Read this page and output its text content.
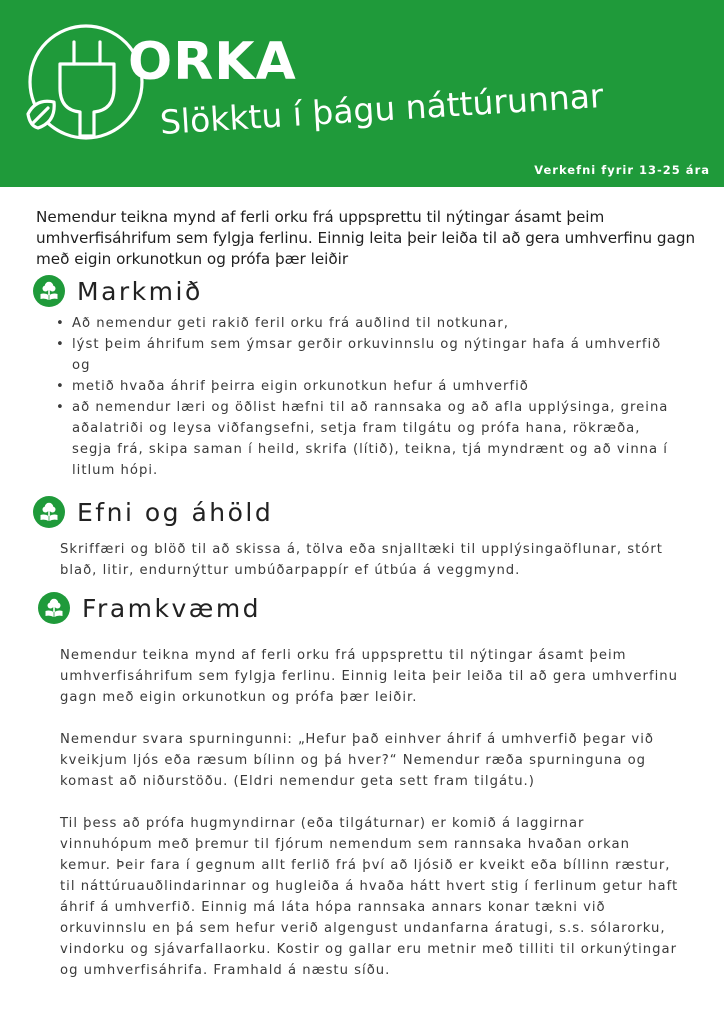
ORKA
Slökktu í þágu náttúrunnar
Verkefni fyrir 13-25 ára

Nemendur teikna mynd af ferli orku frá uppsprettu til nýtingar ásamt þeim umhverfisáhrifum sem fylgja ferlinu. Einnig leita þeir leiða til að gera umhverfinu gagn með eigin orkunotkun og prófa þær leiðir

Markmið
• Að nemendur geti rakið feril orku frá auðlind til notkunar,
• lýst þeim áhrifum sem ýmsar gerðir orkuvinnslu og nýtingar hafa á umhverfið og
• metið hvaða áhrif þeirra eigin orkunotkun hefur á umhverfið
• að nemendur læri og öðlist hæfni til að rannsaka og að afla upplýsinga, greina aðalatriði og leysa viðfangsefni, setja fram tilgátu og prófa hana, rökræða, segja frá, skipa saman í heild, skrifa (lítið), teikna, tjá myndrænt og að vinna í litlum hópi.
Efni og áhöld

Skriffæri og blöð til að skissa á, tölva eða snjalltæki til upplýsingaöflunar, stórt blað, litir, endurnýttur umbúðarpappír ef útbúa á veggmynd.

Framkvæmd

Nemendur teikna mynd af ferli orku frá uppsprettu til nýtingar ásamt þeim umhverfisáhrifum sem fylgja ferlinu. Einnig leita þeir leiða til að gera umhverfinu gagn með eigin orkunotkun og prófa þær leiðir.

Nemendur svara spurningunni: „Hefur það einhver áhrif á umhverfið þegar við kveikjum ljós eða ræsum bílinn og þá hver?“ Nemendur ræða spurninguna og komast að niðurstöðu. (Eldri nemendur geta sett fram tilgátu.)

Til þess að prófa hugmyndirnar (eða tilgáturnar) er komið á laggirnar vinnuhópum með þremur til fjórum nemendum sem rannsaka hvaðan orkan kemur. Þeir fara í gegnum allt ferlið frá því að ljósið er kveikt eða bíllinn ræstur, til náttúruauðlindarinnar og hugleiða á hvaða hátt hvert stig í ferlinum getur haft áhrif á umhverfið. Einnig má láta hópa rannsaka annars konar tækni við orkuvinnslu en þá sem hefur verið algengust undanfarna áratugi, s.s. sólarorku, vindorku og sjávarfallaorku. Kostir og gallar eru metnir með tilliti til orkunýtingar og umhverfisáhrifa. Framhald á næstu síðu.
